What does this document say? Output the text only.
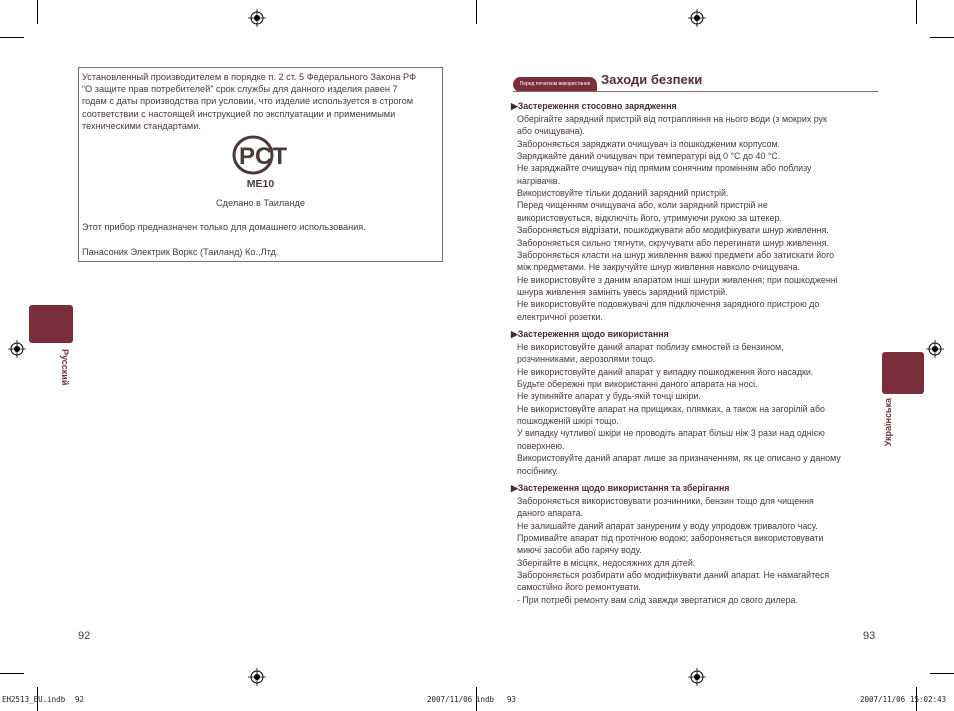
Установленный производителем в порядке п. 2 ст. 5 Федерального Закона РФ
“О защите прав потребителей” срок службы для данного изделия равен 7
годам с даты производства при условии, что изделие используется в строгом
соответствии с настоящей инструкцией по эксплуатации и применимыми
техническими стандартами.
PCT
ME10
Сделано в Таиланде
Этот прибор предназначен только для домашнего использования.
Панасоник Электрик Воркс (Таиланд) Ко.,Лтд.
Русский
92
Перед початком використання Заходи безпеки
▶Застереження стосовно зарядження
Оберігайте зарядний пристрій від потрапляння на нього води (з мокрих рук
або очищувача).
Забороняється заряджати очищувач із пошкодженим корпусом.
Заряджайте даний очищувач при температурі від 0 °С до 40 °С.
Не заряджайте очищувач під прямим сонячним промінням або поблизу
нагрівачів.
Використовуйте тільки доданий зарядний пристрій.
Перед чищенням очищувача або, коли зарядний пристрій не
використовується, відключіть його, утримуючи рукою за штекер.
Забороняється відрізати, пошкоджувати або модифікувати шнур живлення.
Забороняється сильно тягнути, скручувати або перегинати шнур живлення.
Забороняється класти на шнур живлення важкі предмети або затискати його
між предметами. Не закручуйте шнур живлення навколо очищувача.
Не використовуйте з даним апаратом інші шнури живлення; при пошкодженні
шнура живлення замініть увесь зарядний пристрій.
Не використовуйте подовжувачі для підключення зарядного пристрою до
електричної розетки.
▶Застереження щодо використання
Не використовуйте даний апарат поблизу ємностей із бензином,
розчинниками, аерозолями тощо.
Не використовуйте даний апарат у випадку пошкодження його насадки.
Будьте обережні при використанні даного апарата на носі.
Не зупиняйте апарат у будь-якій точці шкіри.
Не використовуйте апарат на прищиках, плямках, а також на загорілій або
пошкодженій шкірі тощо.
У випадку чутливої шкіри не проводіть апарат більш ніж 3 рази над однією
поверхнею.
Використовуйте даний апарат лише за призначенням, як це описано у даному
посібнику.
▶Застереження щодо використання та зберігання
Забороняється використовувати розчинники, бензин тощо для чищення
даного апарата.
Не залишайте даний апарат зануреним у воду упродовж тривалого часу.
Промивайте апарат під протічною водою; забороняється використовувати
миючі засоби або гарячу воду.
Зберігайте в місцях, недосяжних для дітей.
Забороняється розбирати або модифікувати даний апарат. Не намагайтеся
самостійно його ремонтувати.
- При потребі ремонту вам слід завжди звертатися до свого дилера.
Українська
93
EH2513_EU.indb 92	2007/11/06 indb 93	2007/11/06 15:02:43
